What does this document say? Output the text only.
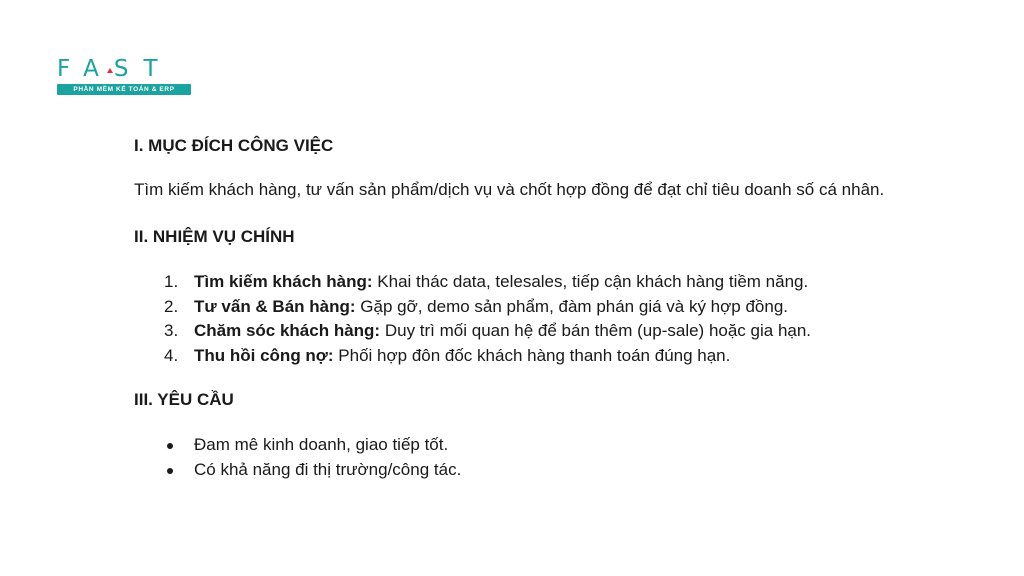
FAST
PHẦN MỀM KẾ TOÁN & ERP
I. MỤC ĐÍCH CÔNG VIỆC

Tìm kiếm khách hàng, tư vấn sản phẩm/dịch vụ và chốt hợp đồng để đạt chỉ tiêu doanh số cá nhân.

II. NHIỆM VỤ CHÍNH
1. Tìm kiếm khách hàng: Khai thác data, telesales, tiếp cận khách hàng tiềm năng.
2. Tư vấn & Bán hàng: Gặp gỡ, demo sản phẩm, đàm phán giá và ký hợp đồng.
3. Chăm sóc khách hàng: Duy trì mối quan hệ để bán thêm (up-sale) hoặc gia hạn.
4. Thu hồi công nợ: Phối hợp đôn đốc khách hàng thanh toán đúng hạn.
III. YÊU CẦU
Đam mê kinh doanh, giao tiếp tốt.
Có khả năng đi thị trường/công tác.
